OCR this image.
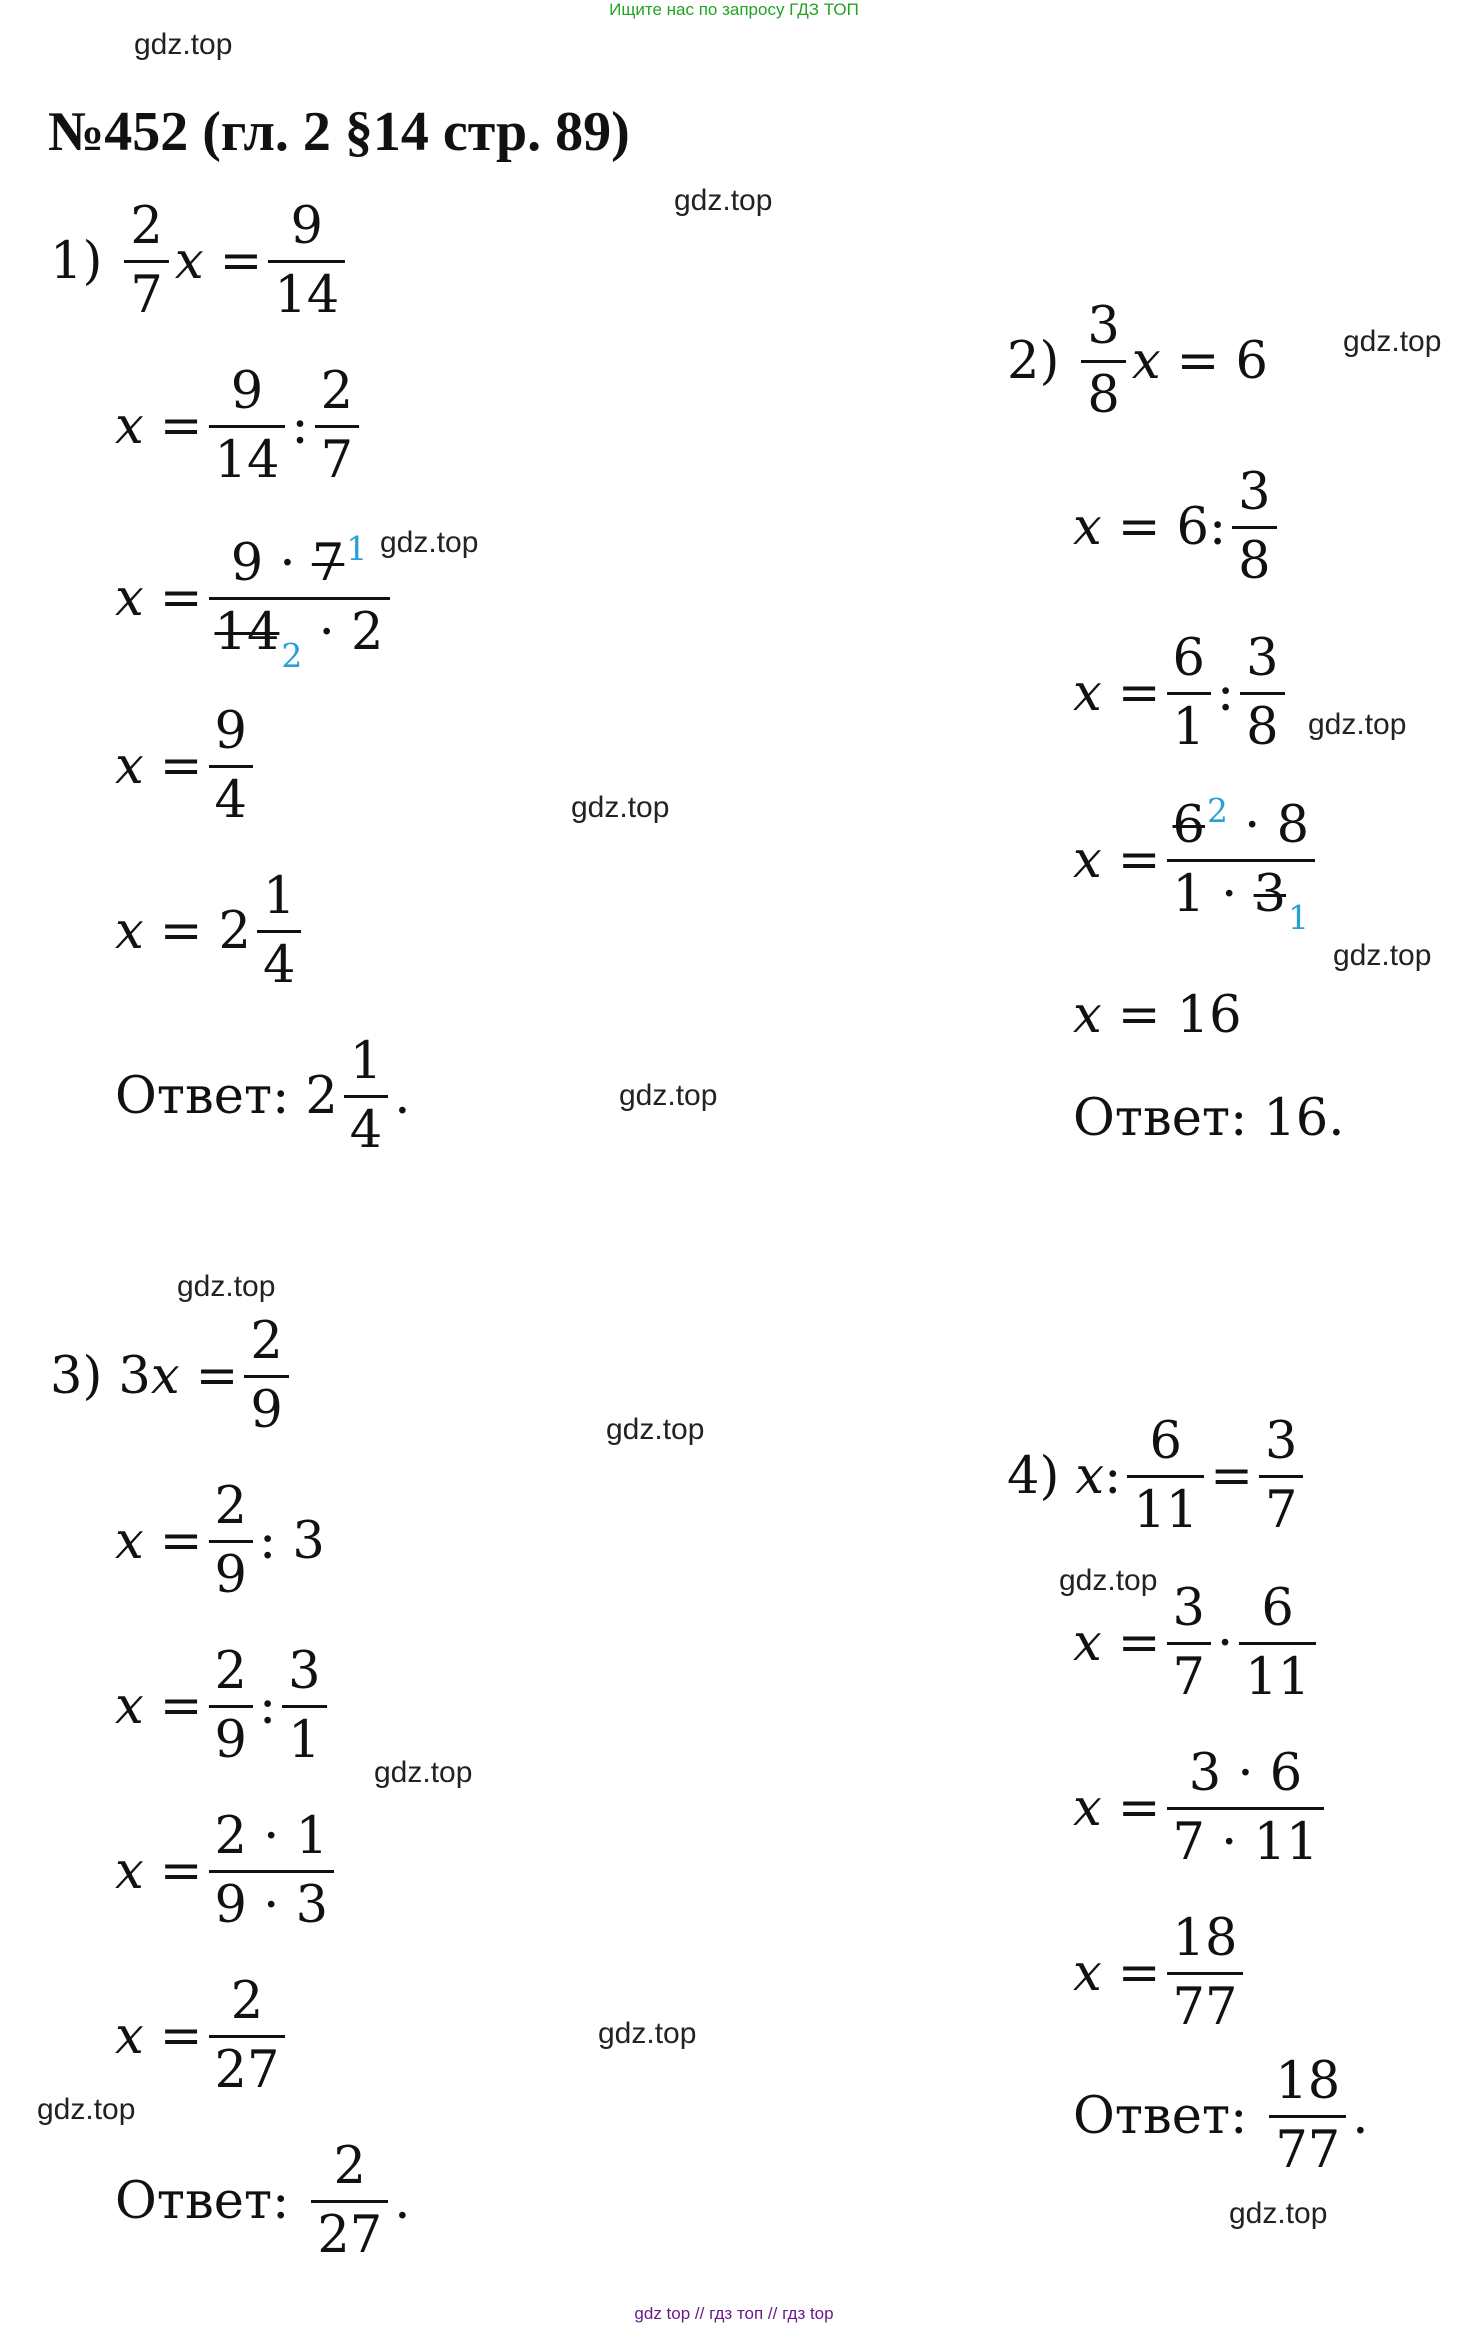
Ищите нас по запросу ГДЗ ТОП
№452 (гл. 2 §14 стр. 89)
gdz.top
gdz.top
gdz.top
gdz.top
gdz.top
gdz.top
gdz.top
gdz.top
gdz.top
gdz.top
gdz.top
gdz.top
gdz.top
gdz.top
gdz.top
$1) \frac{2}{7}$ $x = \frac{9}{14}$
$x = \frac{9}{14}$ : $\frac{2}{7}$
$x = \frac{9 \cdot 7^1}{14_2 \cdot 2}$
$x = \frac{9}{4}$
$x = 2 \frac{1}{4}$
Ответ: $2 \frac{1}{4}$ .
$2) \frac{3}{8}$ x = 6
x = 6: $\frac{3}{8}$
$x = \frac{6}{1}$ : $\frac{3}{8}$
$x = \frac{6^2 \cdot 8}{1 \cdot 3_1}$
x = 16
Ответ: 16.
3) 3 $x = \frac{2}{9}$
$x = \frac{2}{9}$ : 3
$x = \frac{2}{9}$ : $\frac{3}{1}$
$x = \frac{2 \cdot 1}{9 \cdot 3}$
$x = \frac{2}{27}$
Ответ: $\frac{2}{27}$ .
4) x : $\frac{6}{11} = \frac{3}{7}$
$x = \frac{3}{7} \cdot \frac{6}{11}$
$x = \frac{3 \cdot 6}{7 \cdot 11}$
$x = \frac{18}{77}$
Ответ: $\frac{18}{77}$ .
gdz top // гдз топ // гдз top
